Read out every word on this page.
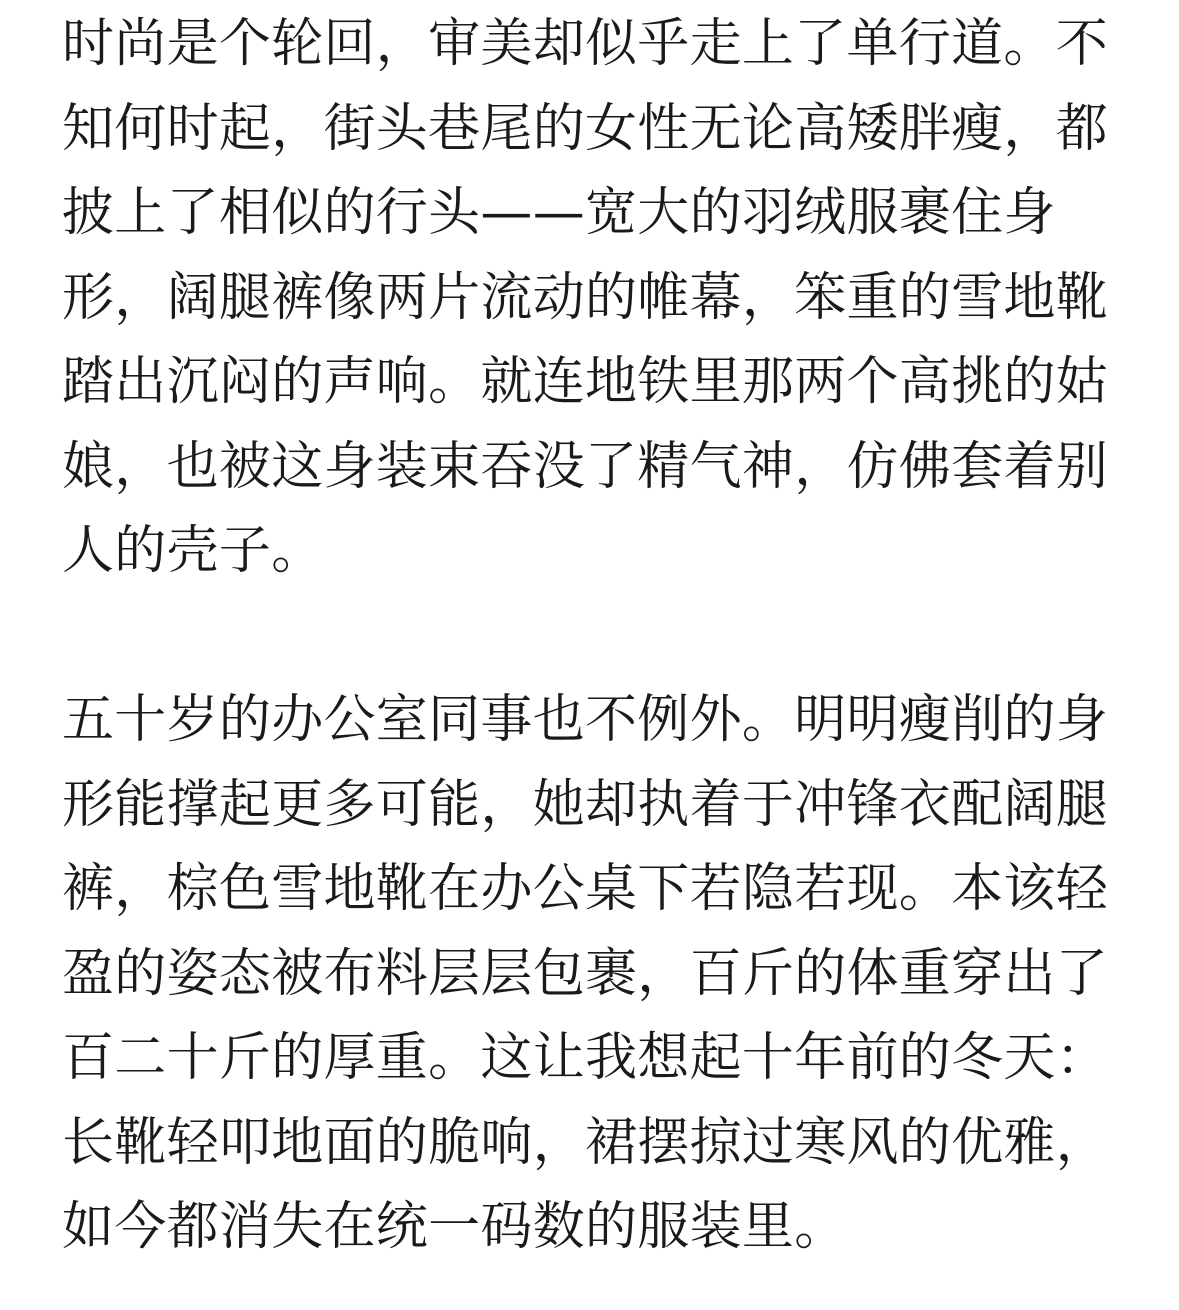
时尚是个轮回，审美却似乎走上了单行道。不
知何时起，街头巷尾的女性无论高矮胖瘦，都
披上了相似的行头——宽大的羽绒服裹住身
形，阔腿裤像两片流动的帷幕，笨重的雪地靴
踏出沉闷的声响。就连地铁里那两个高挑的姑
娘，也被这身装束吞没了精气神，仿佛套着别
人的壳子。
五十岁的办公室同事也不例外。明明瘦削的身
形能撑起更多可能，她却执着于冲锋衣配阔腿
裤，棕色雪地靴在办公桌下若隐若现。本该轻
盈的姿态被布料层层包裹，百斤的体重穿出了
百二十斤的厚重。这让我想起十年前的冬天：
长靴轻叩地面的脆响，裙摆掠过寒风的优雅，
如今都消失在统一码数的服装里。
